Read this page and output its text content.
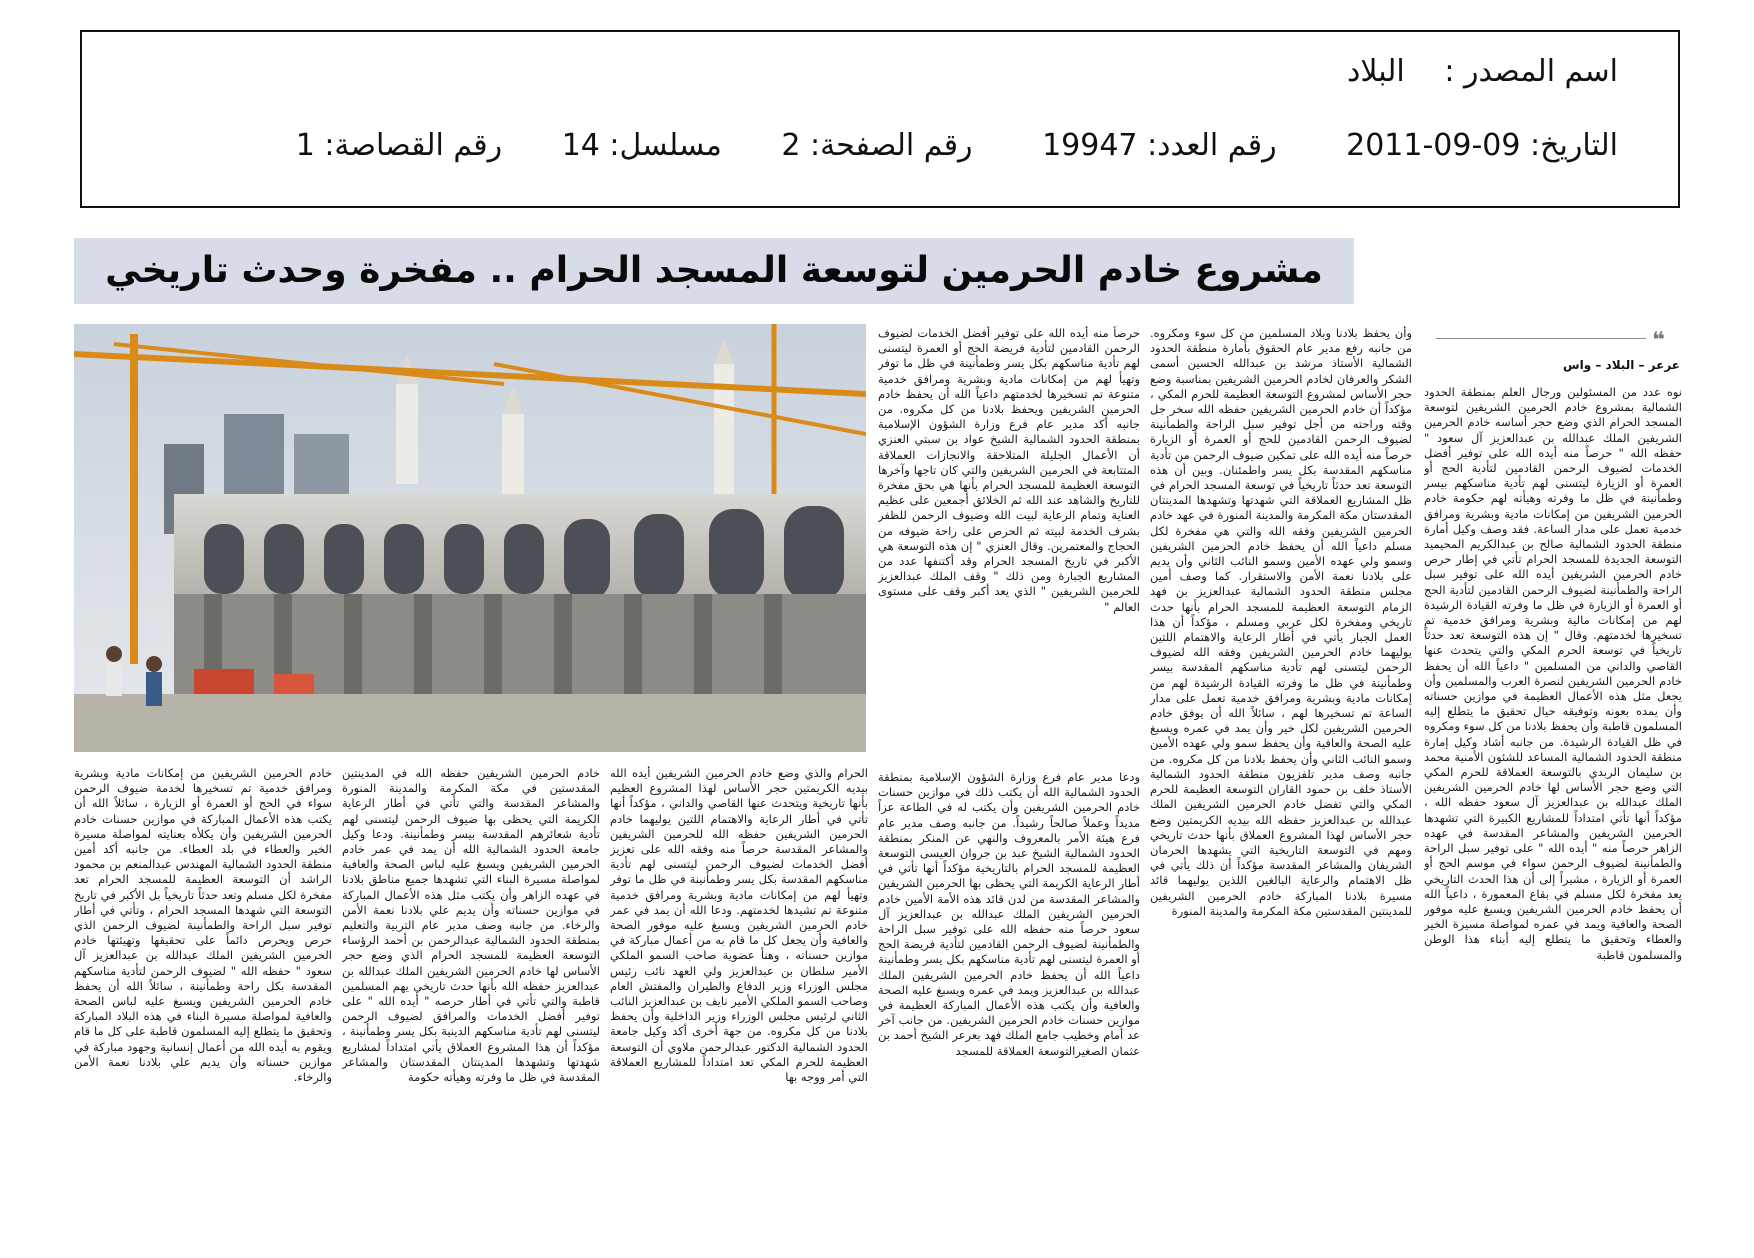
اسم المصدر : البلاد
التاريخ: 2011-09-09 رقم العدد: 19947 رقم الصفحة: 2 مسلسل: 14 رقم القصاصة: 1
مشروع خادم الحرمين لتوسعة المسجد الحرام .. مفخرة وحدث تاريخي
❝
عرعر – البلاد – واس

نوه عدد من المسئولين ورجال العلم بمنطقة الحدود الشمالية بمشروع خادم الحرمين الشريفين لتوسعة المسجد الحرام الذي وضع حجر أساسه خادم الحرمين الشريفين الملك عبدالله بن عبدالعزيز آل سعود " حفظه الله " حرصاً منه أيده الله على توفير أفضل الخدمات لضيوف الرحمن القادمين لتأدية الحج أو العمرة أو الزيارة ليتسنى لهم تأدية مناسكهم بيسر وطمأنينة في ظل ما وفرته وهيأته لهم حكومة خادم الحرمين الشريفين من إمكانات مادية وبشرية ومرافق خدمية تعمل على مدار الساعة. فقد وصف وكيل أمارة منطقة الحدود الشمالية صالح بن عبدالكريم المحيميد التوسعة الجديدة للمسجد الحرام تأتي في إطار حرص خادم الحرمين الشريفين أيده الله على توفير سبل الراحة والطمأنينة لضيوف الرحمن القادمين لتأدية الحج أو العمرة أو الزيارة في ظل ما وفرته القيادة الرشيدة لهم من إمكانات مالية وبشرية ومرافق خدمية تم تسخيرها لخدمتهم. وقال " إن هذه التوسعة تعد حدثاً تاريخياً في توسعة الحرم المكي والتي يتحدث عنها القاصي والداني من المسلمين " داعياً الله أن يحفظ خادم الحرمين الشريفين لنصرة العرب والمسلمين وأن يجعل مثل هذه الأعمال العظيمة في موازين حسناته وأن يمده بعونه وتوفيقه حيال تحقيق ما يتطلع إليه المسلمون قاطبة وأن يحفظ بلادنا من كل سوء ومكروه في ظل القيادة الرشيدة. من جانبه أشاد وكيل إمارة منطقة الحدود الشمالية المساعد للشئون الأمنية محمد بن سليمان الربدي بالتوسعة العملاقة للحرم المكي التي وضع حجر الأساس لها خادم الحرمين الشريفين الملك عبدالله بن عبدالعزيز آل سعود حفظه الله ، مؤكداً أنها تأتي امتداداً للمشاريع الكبيرة التي تشهدها الحرمين الشريفين والمشاعر المقدسة في عهده الزاهر حرصاً منه " أيده الله " على توفير سبل الراحة والطمأنينة لضيوف الرحمن سواء في موسم الحج أو العمرة أو الزيارة ، مشيراً إلى أن هذا الحدث التاريخي يعد مفخرة لكل مسلم في بقاع المعمورة ، داعياً الله أن يحفظ خادم الحرمين الشريفين ويسبغ عليه موفور الصحة والعافية ويمد في عمره لمواصلة مسيرة الخير والعطاء وتحقيق ما يتطلع إليه أبناء هذا الوطن والمسلمون قاطبة

وأن يحفظ بلادنا وبلاد المسلمين من كل سوء ومكروه. من جانبه رفع مدير عام الحقوق بأمارة منطقة الحدود الشمالية الأستاذ مرشد بن عبدالله الحسين أسمى الشكر والعرفان لخادم الحرمين الشريفين بمناسبة وضع حجر الأساس لمشروع التوسعة العظيمة للحرم المكي ، مؤكداً أن خادم الحرمين الشريفين حفظه الله سخر جل وقته وراحته من أجل توفير سبل الراحة والطمأنينة لضيوف الرحمن القادمين للحج أو العمرة أو الزيارة حرصاً منه أيده الله على تمكين ضيوف الرحمن من تأدية مناسكهم المقدسة بكل يسر واطمئنان. وبين أن هذه التوسعة تعد حدثاً تاريخياً في توسعة المسجد الحرام في ظل المشاريع العملاقة التي شهدتها وتشهدها المدينتان المقدستان مكة المكرمة والمدينة المنورة في عهد خادم الحرمين الشريفين وفقه الله والتي هي مفخرة لكل مسلم داعياً الله أن يحفظ خادم الحرمين الشريفين وسمو ولي عهده الأمين وسمو النائب الثاني وأن يديم على بلادنا نعمة الأمن والاستقرار. كما وصف أمين مجلس منطقة الحدود الشمالية عبدالعزيز بن فهد الزمام التوسعة العظيمة للمسجد الحرام بأنها حدث تاريخي ومفخرة لكل عربي ومسلم ، مؤكداً أن هذا العمل الجبار يأتي في أطار الرعاية والاهتمام اللتين يوليهما خادم الحرمين الشريفين وفقه الله لضيوف الرحمن ليتسنى لهم تأدية مناسكهم المقدسة بيسر وطمأنينة في ظل ما وفرته القيادة الرشيدة لهم من إمكانات مادية وبشرية ومرافق خدمية تعمل على مدار الساعة تم تسخيرها لهم ، سائلاً الله أن يوفق خادم الحرمين الشريفين لكل خير وأن يمد في عمره ويسبغ عليه الصحة والعافية وأن يحفظ سمو ولي عهده الأمين وسمو النائب الثاني وأن يحفظ بلادنا من كل مكروه. من جانبه وصف مدير تلفزيون منطقة الحدود الشمالية الأستاذ خلف بن حمود القاران التوسعة العظيمة للحرم المكي والتي تفضل خادم الحرمين الشريفين الملك عبدالله بن عبدالعزيز حفظه الله بيديه الكريمتين وضع حجر الأساس لهذا المشروع العملاق بأنها حدث تاريخي ومهم في التوسعة التاريخية التي يشهدها الحرمان الشريفان والمشاعر المقدسة مؤكداً أن ذلك يأتي في ظل الاهتمام والرعاية البالغين اللذين يوليهما قائد مسيرة بلادنا المباركة خادم الحرمين الشريفين للمدينتين المقدستين مكة المكرمة والمدينة المنورة

حرصاً منه أيده الله على توفير أفضل الخدمات لضيوف الرحمن القادمين لتأدية فريضة الحج أو العمرة ليتسنى لهم تأدية مناسكهم بكل يسر وطمأنينة في ظل ما توفر وتهيأ لهم من إمكانات مادية وبشرية ومرافق خدمية متنوعة تم تسخيرها لخدمتهم داعياً الله أن يحفظ خادم الحرمين الشريفين ويحفظ بلادنا من كل مكروه. من جانبه أكد مدير عام فرع وزارة الشؤون الإسلامية بمنطقة الحدود الشمالية الشيخ عواد بن سبتي العنزي أن الأعمال الجليلة المتلاحقة والانجازات العملاقة المتتابعة في الحرمين الشريفين والتي كان تاجها وآخرها التوسعة العظيمة للمسجد الحرام بأنها هي بحق مفخرة للتاريخ والشاهد عند الله ثم الخلائق أجمعين على عظيم العناية وتمام الرعاية لبيت الله وضيوف الرحمن للظفر بشرف الخدمة لبيته ثم الحرص على راحة ضيوفه من الحجاج والمعتمرين. وقال العنزي " إن هذه التوسعة هي الأكبر في تاريخ المسجد الحرام وقد أكتنفها عدد من المشاريع الجبارة ومن ذلك " وقف الملك عبدالعزيز للحرمين الشريفين " الذي يعد أكبر وقف على مستوى العالم "

ودعا مدير عام فرع وزارة الشؤون الإسلامية بمنطقة الحدود الشمالية الله أن يكتب ذلك في موازين حسنات خادم الحرمين الشريفين وأن يكتب له في الطاعة عزاً مديداً وعملاً صالحاً رشيداً. من جانبه وصف مدير عام فرع هيئة الأمر بالمعروف والنهي عن المنكر بمنطقة الحدود الشمالية الشيخ عبد بن جروان العيسى التوسعة العظيمة للمسجد الحرام بالتاريخية مؤكداً أنها تأتي في أطار الرعاية الكريمة التي يحظى بها الحرمين الشريفين والمشاعر المقدسة من لدن قائد هذه الأمة الأمين خادم الحرمين الشريفين الملك عبدالله بن عبدالعزيز آل سعود حرصاً منه حفظه الله على توفير سبل الراحة والطمأنينة لضيوف الرحمن القادمين لتأدية فريضة الحج أو العمرة ليتسنى لهم تأدية مناسكهم بكل يسر وطمأنينة داعياً الله أن يحفظ خادم الحرمين الشريفين الملك عبدالله بن عبدالعزيز ويمد في عمره ويسبغ عليه الصحة والعافية وأن يكتب هذه الأعمال المباركة العظيمة في موازين حسنات خادم الحرمين الشريفين. من جانب آخر عد أمام وخطيب جامع الملك فهد بعرعر الشيخ أحمد بن عثمان الصغيرالتوسعة العملاقة للمسجد

الحرام والذي وضع خادم الحرمين الشريفين أيده الله بيديه الكريمتين حجر الأساس لهذا المشروع العظيم بأنها تاريخية ويتحدث عنها القاصي والداني ، مؤكداً أنها تأتي في أطار الرعاية والاهتمام اللتين يوليهما خادم الحرمين الشريفين حفظه الله للحرمين الشريفين والمشاعر المقدسة حرصاً منه وفقه الله على تعزيز أفضل الخدمات لضيوف الرحمن ليتسنى لهم تأدية مناسكهم المقدسة بكل يسر وطمأنينة في ظل ما توفر وتهيأ لهم من إمكانات مادية وبشرية ومرافق خدمية متنوعة تم تشيدها لخدمتهم. ودعا الله أن يمد في عمر خادم الحرمين الشريفين ويسبغ عليه موفور الصحة والعافية وأن يجعل كل ما قام به من أعمال مباركة في موازين حسناته ، وهنأ عضوية صاحب السمو الملكي الأمير سلطان بن عبدالعزيز ولي العهد نائب رئيس مجلس الوزراء وزير الدفاع والطيران والمفتش العام وصاحب السمو الملكي الأمير نايف بن عبدالعزيز النائب الثاني لرئيس مجلس الوزراء وزير الداخلية وأن يحفظ بلادنا من كل مكروه. من جهة أخرى أكد وكيل جامعة الحدود الشمالية الدكتور عبدالرحمن ملاوي أن التوسعة العظيمة للحرم المكي تعد امتداداً للمشاريع العملاقة التي أمر ووجه بها

خادم الحرمين الشريفين حفظه الله في المدينتين المقدستين في مكة المكرمة والمدينة المنورة والمشاعر المقدسة والتي تأتي في أطار الرعاية الكريمة التي يحظى بها ضيوف الرحمن ليتسنى لهم تأدية شعائرهم المقدسة بيسر وطمأنينة. ودعا وكيل جامعة الحدود الشمالية الله أن يمد في عمر خادم الحرمين الشريفين ويسبغ عليه لباس الصحة والعافية لمواصلة مسيرة البناء التي تشهدها جميع مناطق بلادنا في عهده الزاهر وأن يكتب مثل هذه الأعمال المباركة في موازين حسناته وأن يديم علي بلادنا نعمة الأمن والرخاء. من جانبه وصف مدير عام التربية والتعليم بمنطقة الحدود الشمالية عبدالرحمن بن أحمد الرؤساء التوسعة العظيمة للمسجد الحرام الذي وضع حجر الأساس لها خادم الحرمين الشريفين الملك عبدالله بن عبدالعزيز حفظه الله بأنها حدث تاريخي يهم المسلمين قاطبة والتي تأتي في أطار حرصه " أيده الله " على توفير أفضل الخدمات والمرافق لضيوف الرحمن ليتسنى لهم تأدية مناسكهم الدينية بكل يسر وطمأنينة ، مؤكداً أن هذا المشروع العملاق يأتي امتداداً لمشاريع شهدتها وتشهدها المدينتان المقدستان والمشاعر المقدسة في ظل ما وفرته وهيأته حكومة

خادم الحرمين الشريفين من إمكانات مادية وبشرية ومرافق خدمية تم تسخيرها لخدمة ضيوف الرحمن سواء في الحج أو العمرة أو الزيارة ، سائلاً الله أن يكتب هذه الأعمال المباركة في موازين حسنات خادم الحرمين الشريفين وأن يكلأه بعنايته لمواصلة مسيرة الخير والعطاء في بلد العطاء. من جانبه أكد أمين منطقة الحدود الشمالية المهندس عبدالمنعم بن محمود الراشد أن التوسعة العظيمة للمسجد الحرام تعد مفخرة لكل مسلم وتعد حدثاً تاريخياً بل الأكبر في تاريخ التوسعة التي شهدها المسجد الحرام ، وتأتي في أطار توفير سبل الراحة والطمأنينة لضيوف الرحمن الذي حرص ويحرص دائماً على تحقيقها وتهيئتها خادم الحرمين الشريفين الملك عبدالله بن عبدالعزيز آل سعود " حفظه الله " لضيوف الرحمن لتأدية مناسكهم المقدسة بكل راحة وطمأنينة ، سائلاً الله أن يحفظ خادم الحرمين الشريفين ويسبغ عليه لباس الصحة والعافية لمواصلة مسيرة البناء في هذه البلاد المباركة وتحقيق ما يتطلع إليه المسلمون قاطبة على كل ما قام ويقوم به أيده الله من أعمال إنسانية وجهود مباركة في موازين حسناته وأن يديم علي بلادنا نعمة الأمن والرخاء.
